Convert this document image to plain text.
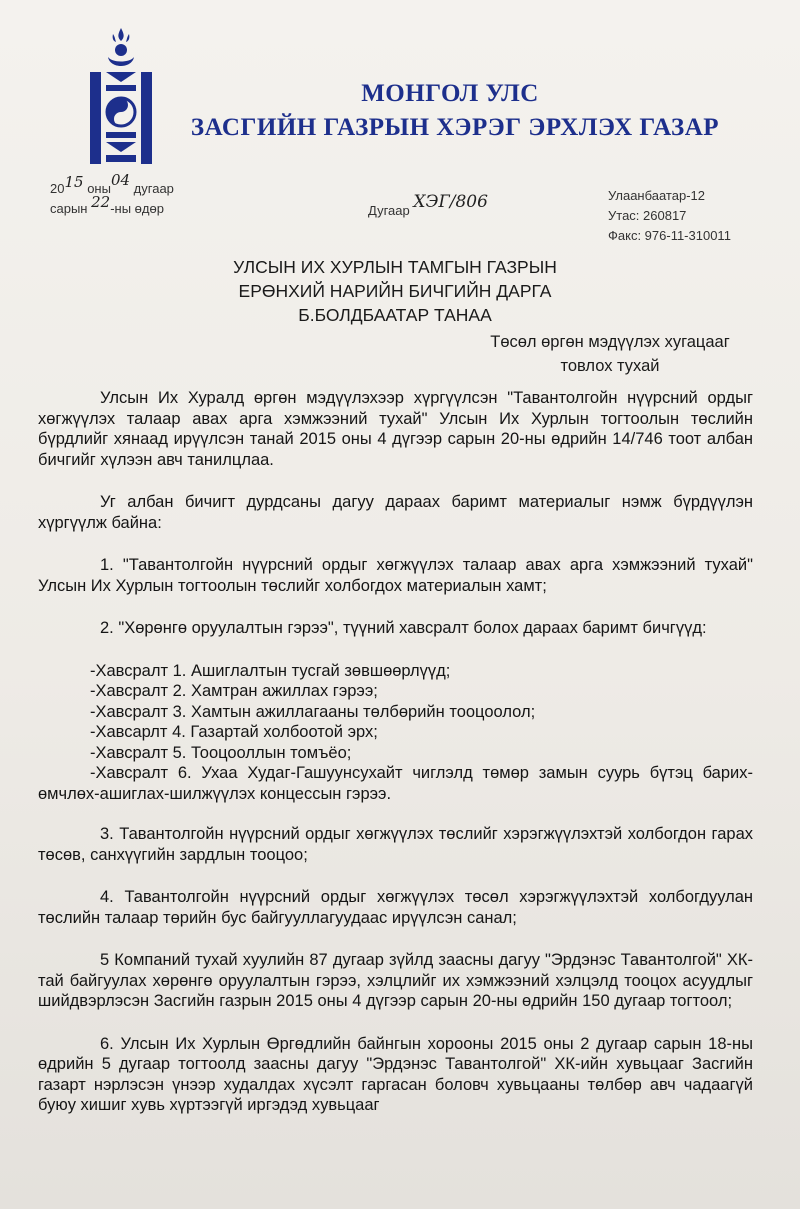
МОНГОЛ УЛС
ЗАСГИЙН ГАЗРЫН ХЭРЭГ ЭРХЛЭХ ГАЗАР
2015 оны04 дугаар
сарын 22-ны өдөр	Дугаар ХЭГ/806	Улаанбаатар-12
Утас: 260817
Факс: 976-11-310011
УЛСЫН ИХ ХУРЛЫН ТАМГЫН ГАЗРЫН
ЕРӨНХИЙ НАРИЙН БИЧГИЙН ДАРГА
Б.БОЛДБААТАР ТАНАА
Төсөл өргөн мэдүүлэх хугацааг
товлох тухай

Улсын Их Хуралд өргөн мэдүүлэхээр хүргүүлсэн "Тавантолгойн нүүрсний ордыг хөгжүүлэх талаар авах арга хэмжээний тухай" Улсын Их Хурлын тогтоолын төслийн бүрдлийг хянаад ирүүлсэн танай 2015 оны 4 дүгээр сарын 20-ны өдрийн 14/746 тоот албан бичгийг хүлээн авч танилцлаа.

Уг албан бичигт дурдсаны дагуу дараах баримт материалыг нэмж бүрдүүлэн хүргүүлж байна:

1. "Тавантолгойн нүүрсний ордыг хөгжүүлэх талаар авах арга хэмжээний тухай" Улсын Их Хурлын тогтоолын төслийг холбогдох материалын хамт;

2. "Хөрөнгө оруулалтын гэрээ", түүний хавсралт болох дараах баримт бичгүүд:

-Хавсралт 1. Ашиглалтын тусгай зөвшөөрлүүд;
-Хавсралт 2. Хамтран ажиллах гэрээ;
-Хавсралт 3. Хамтын ажиллагааны төлбөрийн тооцоолол;
-Хавсарлт 4. Газартай холбоотой эрх;
-Хавсралт 5. Тооцооллын томъёо;
-Хавсралт 6. Ухаа Худаг-Гашуунсухайт чиглэлд төмөр замын суурь бүтэц барих-өмчлөх-ашиглах-шилжүүлэх концессын гэрээ.

3. Тавантолгойн нүүрсний ордыг хөгжүүлэх төслийг хэрэгжүүлэхтэй холбогдон гарах төсөв, санхүүгийн зардлын тооцоо;

4. Тавантолгойн нүүрсний ордыг хөгжүүлэх төсөл хэрэгжүүлэхтэй холбогдуулан төслийн талаар төрийн бус байгууллагуудаас ирүүлсэн санал;

5 Компаний тухай хуулийн 87 дугаар зүйлд заасны дагуу "Эрдэнэс Тавантолгой" ХК-тай байгуулах хөрөнгө оруулалтын гэрээ, хэлцлийг их хэмжээний хэлцэлд тооцох асуудлыг шийдвэрлэсэн Засгийн газрын 2015 оны 4 дүгээр сарын 20-ны өдрийн 150 дугаар тогтоол;

6. Улсын Их Хурлын Өргөдлийн байнгын хорооны 2015 оны 2 дугаар сарын 18-ны өдрийн 5 дугаар тогтоолд заасны дагуу "Эрдэнэс Тавантолгой" ХК-ийн хувьцааг Засгийн газарт нэрлэсэн үнээр худалдах хүсэлт гаргасан боловч хувьцааны төлбөр авч чадаагүй буюу хишиг хувь хүртээгүй иргэдэд хувьцааг
